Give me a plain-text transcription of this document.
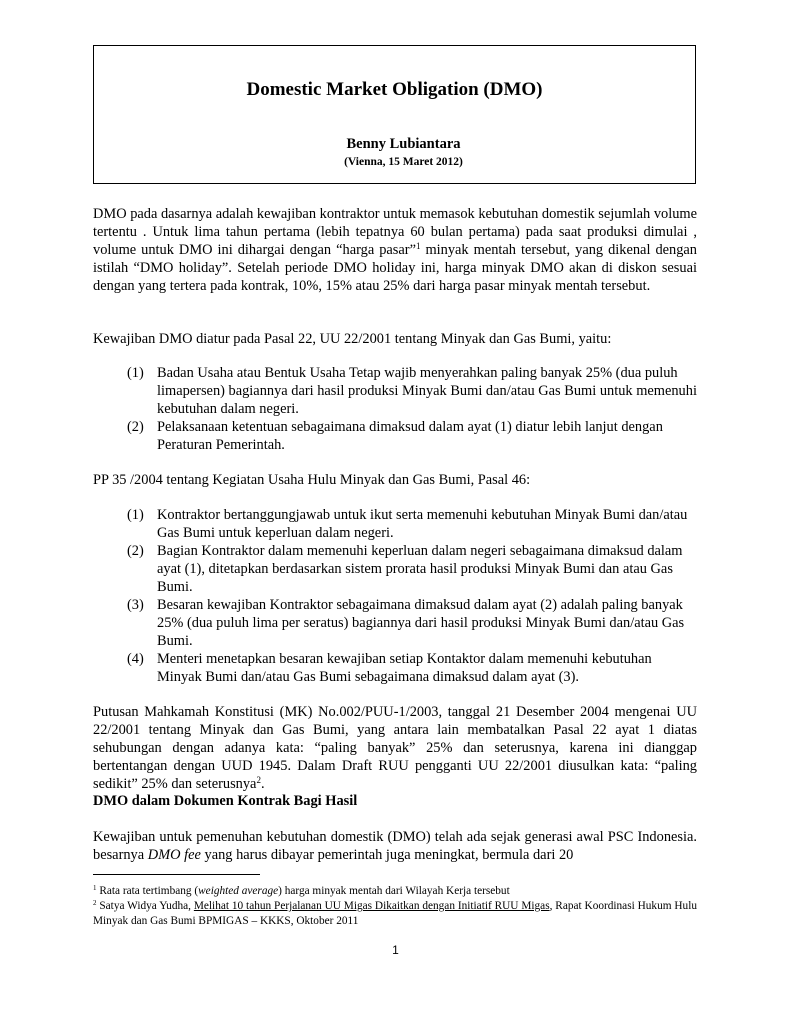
Domestic Market Obligation (DMO)
Benny Lubiantara
(Vienna, 15 Maret 2012)

DMO pada dasarnya adalah kewajiban kontraktor untuk memasok kebutuhan domestik sejumlah volume tertentu . Untuk lima tahun pertama (lebih tepatnya 60 bulan pertama) pada saat produksi dimulai , volume untuk DMO ini dihargai dengan “harga pasar”$^1$ minyak mentah tersebut, yang dikenal dengan istilah “DMO holiday”. Setelah periode DMO holiday ini, harga minyak DMO akan di diskon sesuai dengan yang tertera pada kontrak, 10%, 15% atau 25% dari harga pasar minyak mentah tersebut.

Kewajiban DMO diatur pada Pasal 22, UU 22/2001 tentang Minyak dan Gas Bumi, yaitu:

(1) Badan Usaha atau Bentuk Usaha Tetap wajib menyerahkan paling banyak 25% (dua puluh limapersen) bagiannya dari hasil produksi Minyak Bumi dan/atau Gas Bumi untuk memenuhi kebutuhan dalam negeri.
(2) Pelaksanaan ketentuan sebagaimana dimaksud dalam ayat (1) diatur lebih lanjut dengan Peraturan Pemerintah.

PP 35 /2004 tentang Kegiatan Usaha Hulu Minyak dan Gas Bumi, Pasal 46:

(1) Kontraktor bertanggungjawab untuk ikut serta memenuhi kebutuhan Minyak Bumi dan/atau Gas Bumi untuk keperluan dalam negeri.
(2) Bagian Kontraktor dalam memenuhi keperluan dalam negeri sebagaimana dimaksud dalam ayat (1), ditetapkan berdasarkan sistem prorata hasil produksi Minyak Bumi dan atau Gas Bumi.
(3) Besaran kewajiban Kontraktor sebagaimana dimaksud dalam ayat (2) adalah paling banyak 25% (dua puluh lima per seratus) bagiannya dari hasil produksi Minyak Bumi dan/atau Gas Bumi.
(4) Menteri menetapkan besaran kewajiban setiap Kontaktor dalam memenuhi kebutuhan Minyak Bumi dan/atau Gas Bumi sebagaimana dimaksud dalam ayat (3).

Putusan Mahkamah Konstitusi (MK) No.002/PUU-1/2003, tanggal 21 Desember 2004 mengenai UU 22/2001 tentang Minyak dan Gas Bumi, yang antara lain membatalkan Pasal 22 ayat 1 diatas sehubungan dengan adanya kata: “paling banyak” 25% dan seterusnya, karena ini dianggap bertentangan dengan UUD 1945. Dalam Draft RUU pengganti UU 22/2001 diusulkan kata: “paling sedikit” 25% dan seterusnya$^2$.

DMO dalam Dokumen Kontrak Bagi Hasil

Kewajiban untuk pemenuhan kebutuhan domestik (DMO) telah ada sejak generasi awal PSC Indonesia. besarnya DMO fee yang harus dibayar pemerintah juga meningkat, bermula dari 20

$^1$ Rata rata tertimbang (weighted average) harga minyak mentah dari Wilayah Kerja tersebut

$^2$ Satya Widya Yudha, Melihat 10 tahun Perjalanan UU Migas Dikaitkan dengan Initiatif RUU Migas, Rapat Koordinasi Hukum Hulu Minyak dan Gas Bumi BPMIGAS – KKKS, Oktober 2011

1
